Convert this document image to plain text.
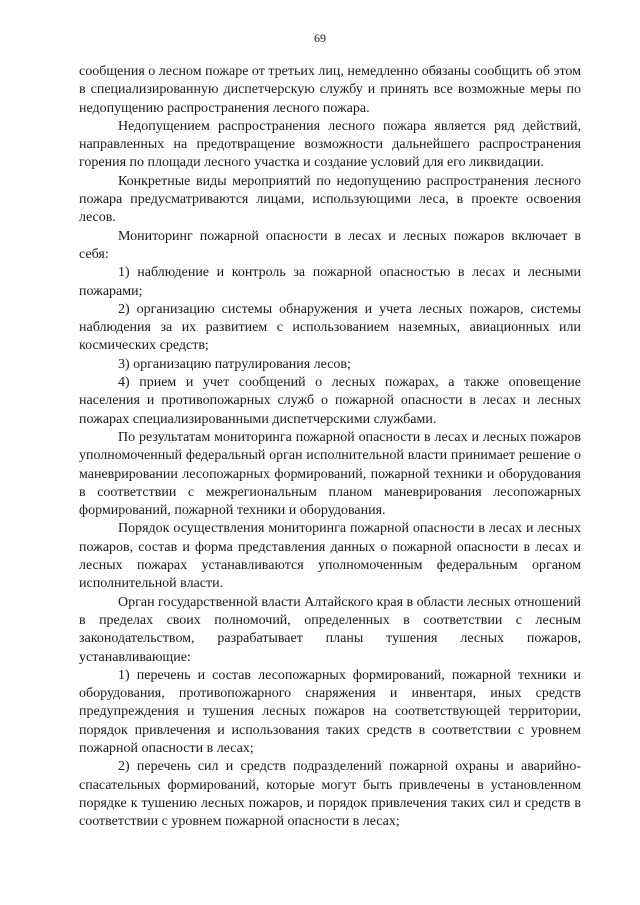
69

сообщения о лесном пожаре от третьих лиц, немедленно обязаны сообщить об этом в специализированную диспетчерскую службу и принять все возможные меры по недопущению распространения лесного пожара.

Недопущением распространения лесного пожара является ряд действий, направленных на предотвращение возможности дальнейшего распространения горения по площади лесного участка и создание условий для его ликвидации.

Конкретные виды мероприятий по недопущению распространения лесного пожара предусматриваются лицами, использующими леса, в проекте освоения лесов.

Мониторинг пожарной опасности в лесах и лесных пожаров включает в себя:

1) наблюдение и контроль за пожарной опасностью в лесах и лесными пожарами;

2) организацию системы обнаружения и учета лесных пожаров, системы наблюдения за их развитием с использованием наземных, авиационных или космических средств;

3) организацию патрулирования лесов;

4) прием и учет сообщений о лесных пожарах, а также оповещение населения и противопожарных служб о пожарной опасности в лесах и лесных пожарах специализированными диспетчерскими службами.

По результатам мониторинга пожарной опасности в лесах и лесных пожаров уполномоченный федеральный орган исполнительной власти принимает решение о маневрировании лесопожарных формирований, пожарной техники и оборудования в соответствии с межрегиональным планом маневрирования лесопожарных формирований, пожарной техники и оборудования.

Порядок осуществления мониторинга пожарной опасности в лесах и лесных пожаров, состав и форма представления данных о пожарной опасности в лесах и лесных пожарах устанавливаются уполномоченным федеральным органом исполнительной власти.

Орган государственной власти Алтайского края в области лесных отношений в пределах своих полномочий, определенных в соответствии с лесным законодательством, разрабатывает планы тушения лесных пожаров, устанавливающие:

1) перечень и состав лесопожарных формирований, пожарной техники и оборудования, противопожарного снаряжения и инвентаря, иных средств предупреждения и тушения лесных пожаров на соответствующей территории, порядок привлечения и использования таких средств в соответствии с уровнем пожарной опасности в лесах;

2) перечень сил и средств подразделений пожарной охраны и аварийно-спасательных формирований, которые могут быть привлечены в установленном порядке к тушению лесных пожаров, и порядок привлечения таких сил и средств в соответствии с уровнем пожарной опасности в лесах;
